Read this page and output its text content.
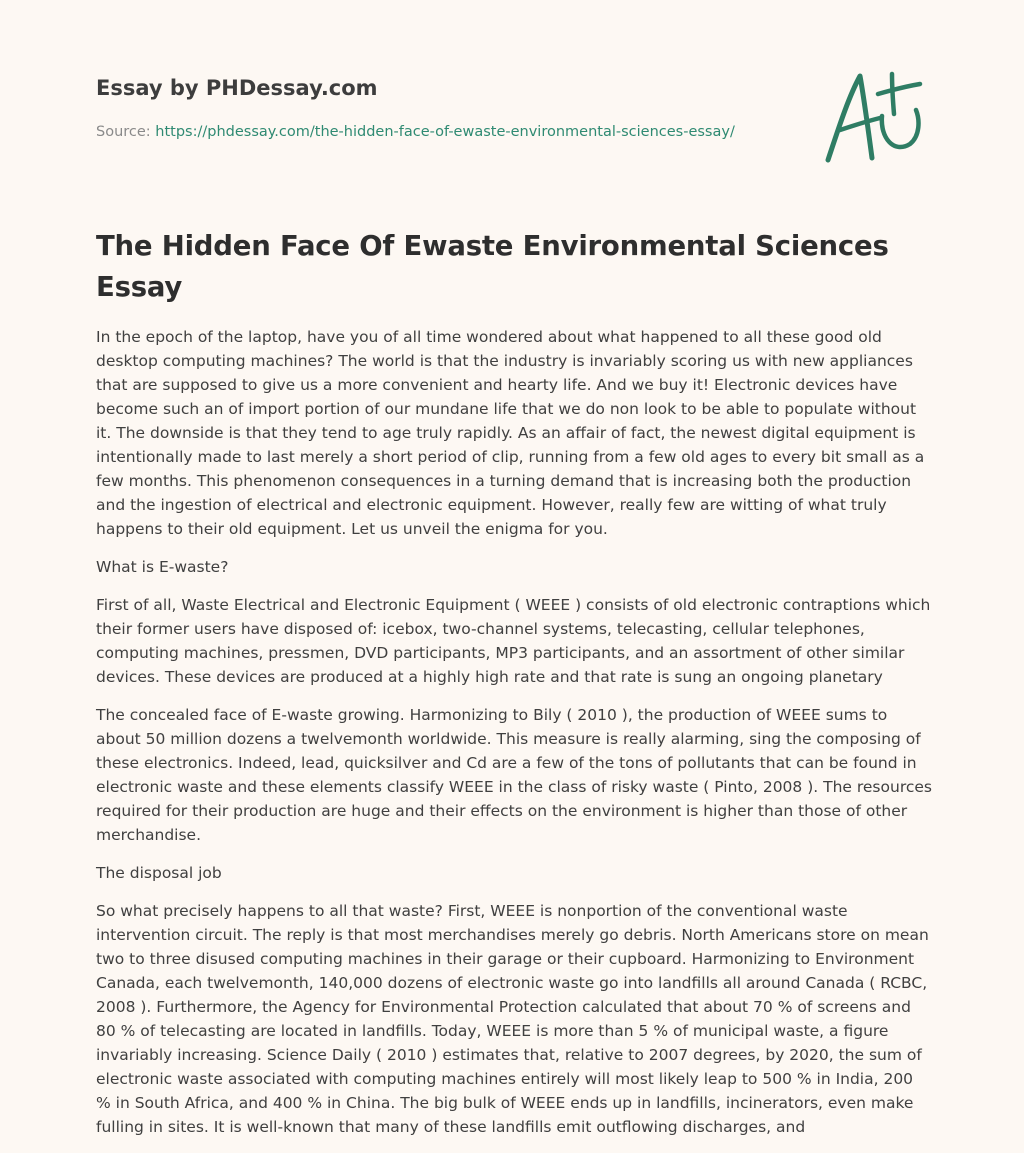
Essay by PHDessay.com

Source: https://phdessay.com/the-hidden-face-of-ewaste-environmental-sciences-essay/

The Hidden Face Of Ewaste Environmental Sciences Essay

In the epoch of the laptop, have you of all time wondered about what happened to all these good old desktop computing machines? The world is that the industry is invariably scoring us with new appliances that are supposed to give us a more convenient and hearty life. And we buy it! Electronic devices have become such an of import portion of our mundane life that we do non look to be able to populate without it. The downside is that they tend to age truly rapidly. As an affair of fact, the newest digital equipment is intentionally made to last merely a short period of clip, running from a few old ages to every bit small as a few months. This phenomenon consequences in a turning demand that is increasing both the production and the ingestion of electrical and electronic equipment. However, really few are witting of what truly happens to their old equipment. Let us unveil the enigma for you.

What is E-waste?

First of all, Waste Electrical and Electronic Equipment ( WEEE ) consists of old electronic contraptions which their former users have disposed of: icebox, two-channel systems, telecasting, cellular telephones, computing machines, pressmen, DVD participants, MP3 participants, and an assortment of other similar devices. These devices are produced at a highly high rate and that rate is sung an ongoing planetary

The concealed face of E-waste growing. Harmonizing to Bily ( 2010 ), the production of WEEE sums to about 50 million dozens a twelvemonth worldwide. This measure is really alarming, sing the composing of these electronics. Indeed, lead, quicksilver and Cd are a few of the tons of pollutants that can be found in electronic waste and these elements classify WEEE in the class of risky waste ( Pinto, 2008 ). The resources required for their production are huge and their effects on the environment is higher than those of other merchandise.

The disposal job

So what precisely happens to all that waste? First, WEEE is nonportion of the conventional waste intervention circuit. The reply is that most merchandises merely go debris. North Americans store on mean two to three disused computing machines in their garage or their cupboard. Harmonizing to Environment Canada, each twelvemonth, 140,000 dozens of electronic waste go into landfills all around Canada ( RCBC, 2008 ). Furthermore, the Agency for Environmental Protection calculated that about 70 % of screens and 80 % of telecasting are located in landfills. Today, WEEE is more than 5 % of municipal waste, a figure invariably increasing. Science Daily ( 2010 ) estimates that, relative to 2007 degrees, by 2020, the sum of electronic waste associated with computing machines entirely will most likely leap to 500 % in India, 200 % in South Africa, and 400 % in China. The big bulk of WEEE ends up in landfills, incinerators, even make fulling in sites. It is well-known that many of these landfills emit outflowing discharges, and
